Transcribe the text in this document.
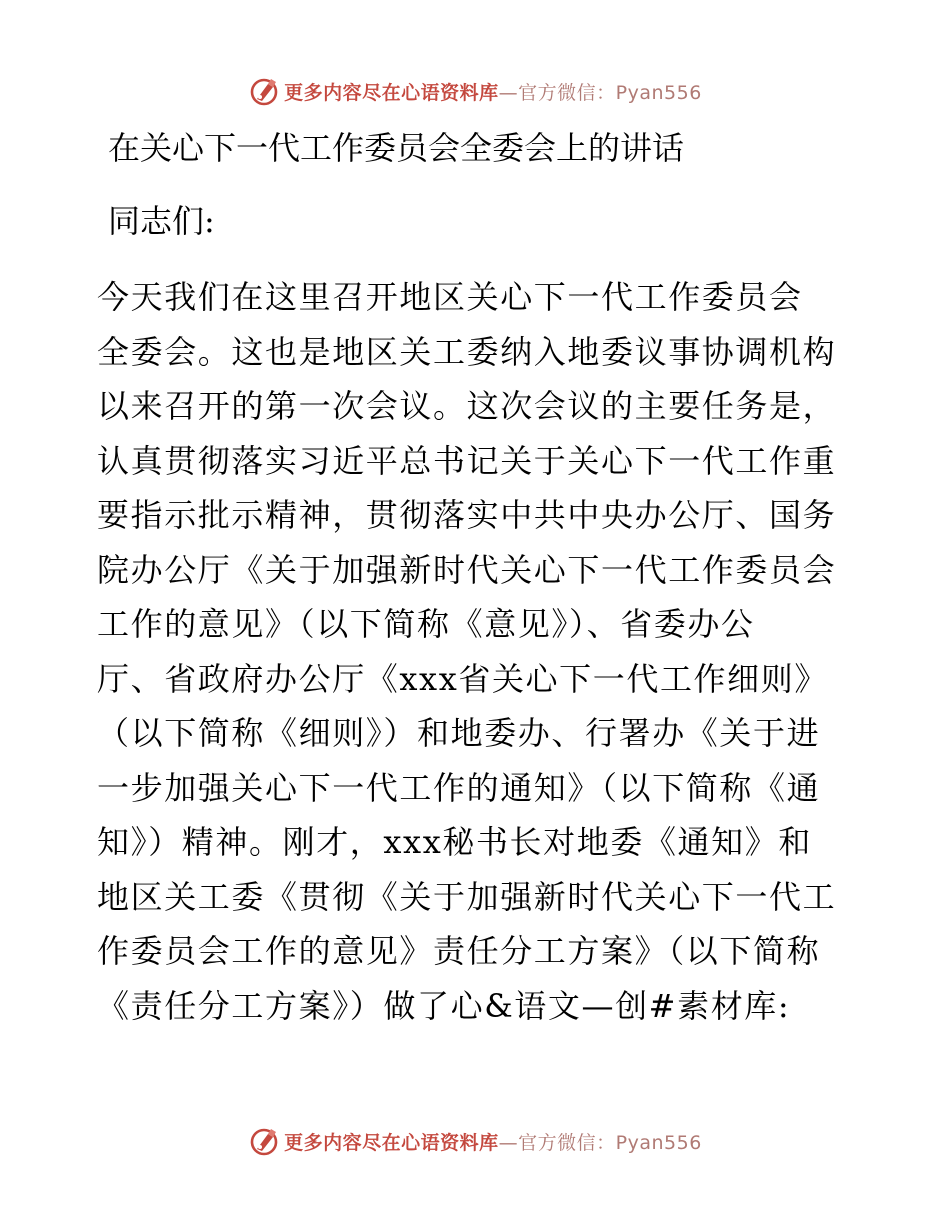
更多内容尽在心语资料库—官方微信：Pyan556
在关心下一代工作委员会全委会上的讲话
同志们:
今天我们在这里召开地区关心下一代工作委员会
全委会。这也是地区关工委纳入地委议事协调机构
以来召开的第一次会议。这次会议的主要任务是，
认真贯彻落实习近平总书记关于关心下一代工作重
要指示批示精神，贯彻落实中共中央办公厅、国务
院办公厅《关于加强新时代关心下一代工作委员会
工作的意见》（以下简称《意见》）、省委办公
厅、省政府办公厅《xxx省关心下一代工作细则》
（以下简称《细则》）和地委办、行署办《关于进
一步加强关心下一代工作的通知》（以下简称《通
知》）精神。刚才，xxx秘书长对地委《通知》和
地区关工委《贯彻《关于加强新时代关心下一代工
作委员会工作的意见》责任分工方案》（以下简称
《责任分工方案》）做了心&语文—创#素材库:
更多内容尽在心语资料库—官方微信：Pyan556
